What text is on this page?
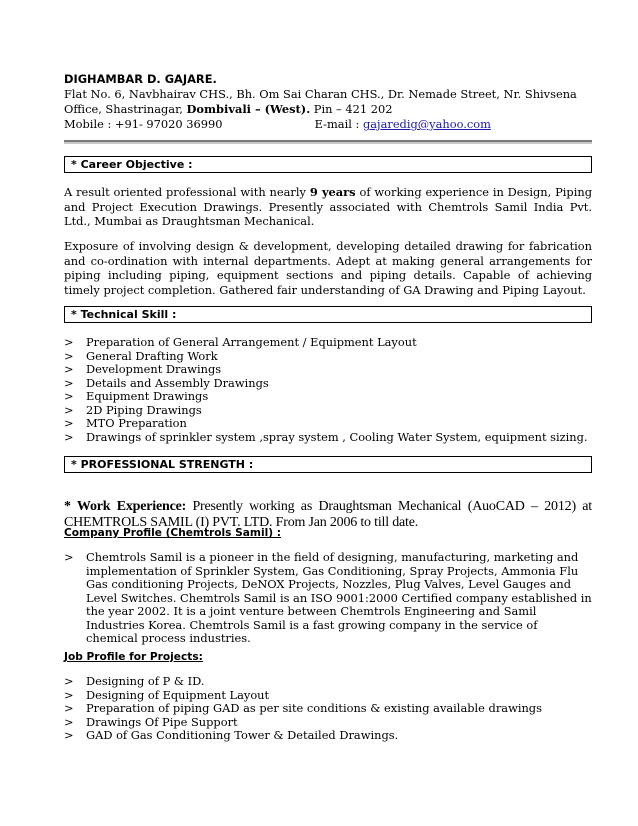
DIGHAMBAR D. GAJARE.
Flat No. 6, Navbhairav CHS., Bh. Om Sai Charan CHS., Dr. Nemade Street, Nr. Shivsena
Office, Shastrinagar, Dombivali – (West). Pin – 421 202
Mobile : +91- 97020 36990	E-mail : gajaredig@yahoo.com
* Career Objective :

A result oriented professional with nearly 9 years of working experience in Design, Piping and Project Execution Drawings. Presently associated with Chemtrols Samil India Pvt. Ltd., Mumbai as Draughtsman Mechanical.

Exposure of involving design & development, developing detailed drawing for fabrication and co-ordination with internal departments. Adept at making general arrangements for piping including piping, equipment sections and piping details. Capable of achieving timely project completion. Gathered fair understanding of GA Drawing and Piping Layout.

* Technical Skill :
> Preparation of General Arrangement / Equipment Layout
> General Drafting Work
> Development Drawings
> Details and Assembly Drawings
> Equipment Drawings
> 2D Piping Drawings
> MTO Preparation
> Drawings of sprinkler system ,spray system , Cooling Water System, equipment sizing.
* PROFESSIONAL STRENGTH :

* Work Experience: Presently working as Draughtsman Mechanical (AuoCAD – 2012) at CHEMTROLS SAMIL (I) PVT. LTD. From Jan 2006 to till date.

Company Profile (Chemtrols Samil) :
> Chemtrols Samil is a pioneer in the field of designing, manufacturing, marketing and implementation of Sprinkler System, Gas Conditioning, Spray Projects, Ammonia Flu Gas conditioning Projects, DeNOX Projects, Nozzles, Plug Valves, Level Gauges and Level Switches. Chemtrols Samil is an ISO 9001:2000 Certified company established in the year 2002. It is a joint venture between Chemtrols Engineering and Samil Industries Korea. Chemtrols Samil is a fast growing company in the service of chemical process industries.
Job Profile for Projects:
> Designing of P & ID.
> Designing of Equipment Layout
> Preparation of piping GAD as per site conditions & existing available drawings
> Drawings Of Pipe Support
> GAD of Gas Conditioning Tower & Detailed Drawings.
